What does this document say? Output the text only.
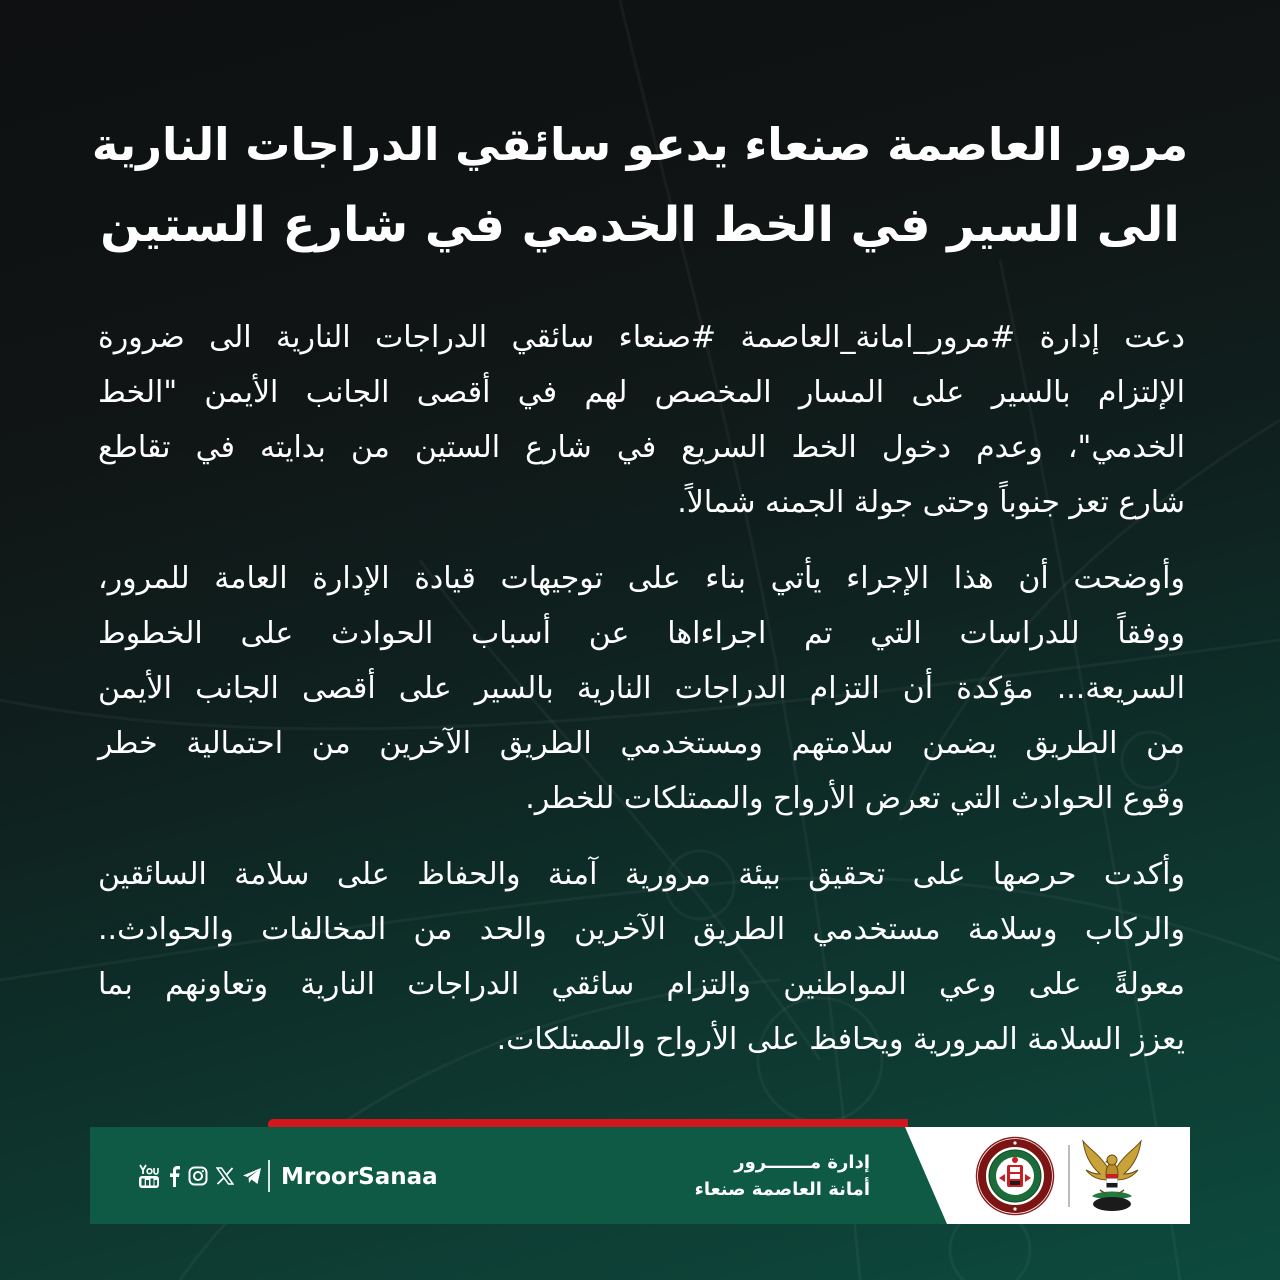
مرور العاصمة صنعاء يدعو سائقي الدراجات النارية
الى السير في الخط الخدمي في شارع الستين
دعت إدارة #مرور_امانة_العاصمة #صنعاء سائقي الدراجات النارية الى ضرورة
الإلتزام بالسير على المسار المخصص لهم في أقصى الجانب الأيمن "الخط
الخدمي"، وعدم دخول الخط السريع في شارع الستين من بدايته في تقاطع
شارع تعز جنوباً وحتى جولة الجمنه شمالاً.
وأوضحت أن هذا الإجراء يأتي بناء على توجيهات قيادة الإدارة العامة للمرور،
ووفقاً للدراسات التي تم اجراءاها عن أسباب الحوادث على الخطوط
السريعة... مؤكدة أن التزام الدراجات النارية بالسير على أقصى الجانب الأيمن
من الطريق يضمن سلامتهم ومستخدمي الطريق الآخرين من احتمالية خطر
وقوع الحوادث التي تعرض الأرواح والممتلكات للخطر.
وأكدت حرصها على تحقيق بيئة مرورية آمنة والحفاظ على سلامة السائقين
والركاب وسلامة مستخدمي الطريق الآخرين والحد من المخالفات والحوادث..
معولةً على وعي المواطنين والتزام سائقي الدراجات النارية وتعاونهم بما
يعزز السلامة المرورية ويحافظ على الأرواح والممتلكات.
MroorSanaa
إدارة مـــــــرور
أمانة العاصمة صنعاء
